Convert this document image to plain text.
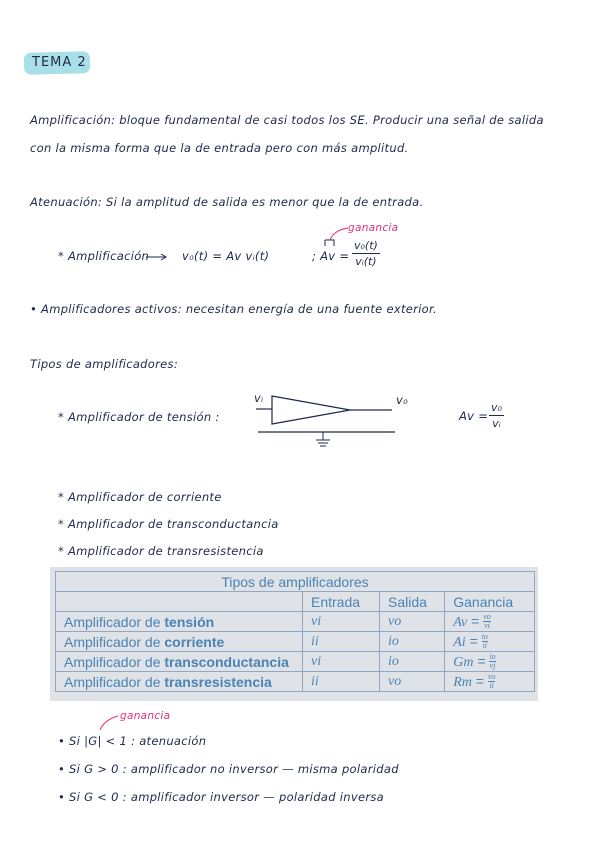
TEMA 2
Amplificación: bloque fundamental de casi todos los SE. Producir una señal de salida
con la misma forma que la de entrada pero con más amplitud.
Atenuación: Si la amplitud de salida es menor que la de entrada.
ganancia
* Amplificación	v₀(t) = Av vᵢ(t)	; $Av = \frac{\text{v₀(t)}}{\text{vᵢ(t)}}$
• Amplificadores activos: necesitan energía de una fuente exterior.
Tipos de amplificadores:
* Amplificador de tensión :
vᵢ	v₀
$Av = \frac{\text{v₀}}{\text{vᵢ}}$
* Amplificador de corriente
* Amplificador de transconductancia
* Amplificador de transresistencia
Tipos de amplificadores			
	Entrada	Salida	Ganancia
Amplificador de tensión	vi	vo	$Av = \frac{vo}{vi}$

Amplificador de corriente	ii	io	$Ai = \frac{io}{ii}$

Amplificador de transconductancia	vi	io	$Gm = \frac{io}{vj}$

Amplificador de transresistencia	ii	vo	$Rm = \frac{vo}{ii}$
ganancia
• Si |G| < 1 : atenuación
• Si G > 0 : amplificador no inversor — misma polaridad
• Si G < 0 : amplificador inversor — polaridad inversa
